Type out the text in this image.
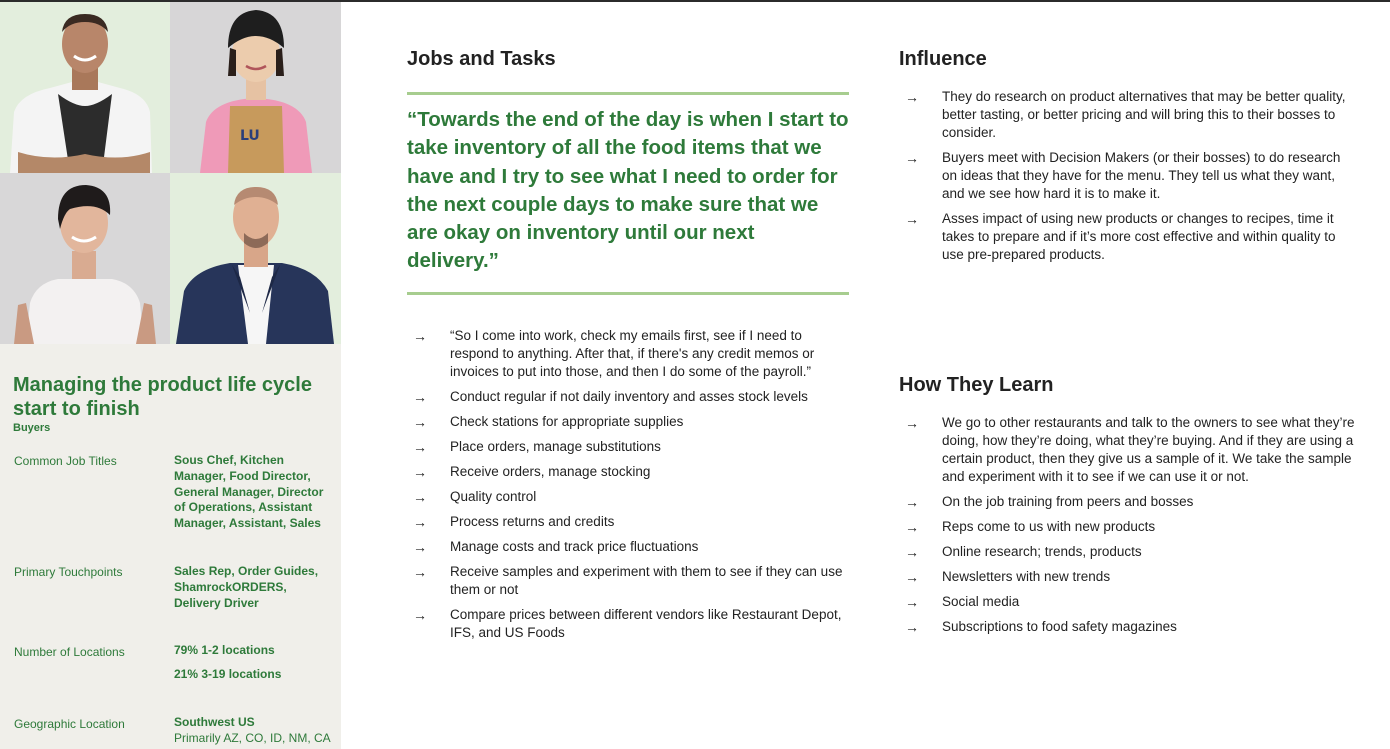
LU
Managing the product life cycle start to finish
Buyers
Common Job Titles	Sous Chef, Kitchen Manager, Food Director, General Manager, Director of Operations, Assistant Manager, Assistant, Sales
Primary Touchpoints	Sales Rep, Order Guides, ShamrockORDERS, Delivery Driver
Number of Locations	79% 1-2 locations
21% 3-19 locations
Geographic Location	Southwest US
Primarily AZ, CO, ID, NM, CA
Jobs and Tasks

“Towards the end of the day is when I start to take inventory of all the food items that we have and I try to see what I need to order for the next couple days to make sure that we are okay on inventory until our next delivery.”

→ “So I come into work, check my emails first, see if I need to respond to anything. After that, if there's any credit memos or invoices to put into those, and then I do some of the payroll.”
→ Conduct regular if not daily inventory and asses stock levels
→ Check stations for appropriate supplies
→ Place orders, manage substitutions
→ Receive orders, manage stocking
→ Quality control
→ Process returns and credits
→ Manage costs and track price fluctuations
→ Receive samples and experiment with them to see if they can use them or not
→ Compare prices between different vendors like Restaurant Depot, IFS, and US Foods
Influence
→ They do research on product alternatives that may be better quality, better tasting, or better pricing and will bring this to their bosses to consider.
→ Buyers meet with Decision Makers (or their bosses) to do research on ideas that they have for the menu. They tell us what they want, and we see how hard it is to make it.
→ Asses impact of using new products or changes to recipes, time it takes to prepare and if it’s more cost effective and within quality to use pre-prepared products.
How They Learn
→ We go to other restaurants and talk to the owners to see what they’re doing, how they’re doing, what they’re buying. And if they are using a certain product, then they give us a sample of it. We take the sample and experiment with it to see if we can use it or not.
→ On the job training from peers and bosses
→ Reps come to us with new products
→ Online research; trends, products
→ Newsletters with new trends
→ Social media
→ Subscriptions to food safety magazines
